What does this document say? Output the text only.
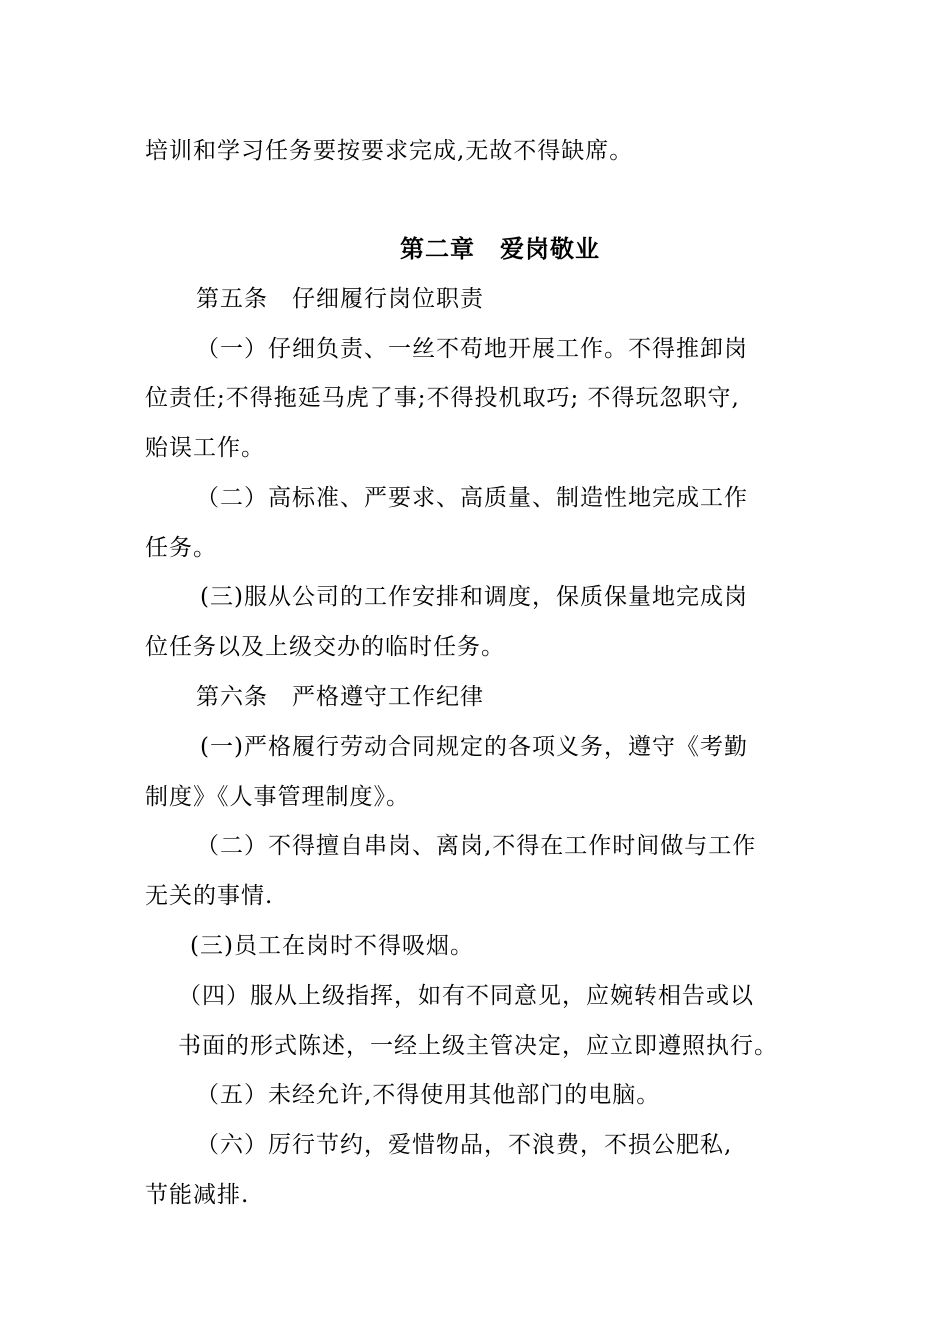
培训和学习任务要按要求完成,无故不得缺席。
第二章　爱岗敬业
第五条　仔细履行岗位职责
（一）仔细负责、一丝不苟地开展工作。不得推卸岗
位责任;不得拖延马虎了事;不得投机取巧; 不得玩忽职守,
贻误工作。
（二）高标准、严要求、高质量、制造性地完成工作
任务。
(三)服从公司的工作安排和调度，保质保量地完成岗
位任务以及上级交办的临时任务。
第六条　严格遵守工作纪律
(一)严格履行劳动合同规定的各项义务，遵守《考勤
制度》《人事管理制度》。
（二）不得擅自串岗、离岗,不得在工作时间做与工作
无关的事情.
(三)员工在岗时不得吸烟。
（四）服从上级指挥，如有不同意见，应婉转相告或以
书面的形式陈述，一经上级主管决定，应立即遵照执行。
（五）未经允许,不得使用其他部门的电脑。
（六）厉行节约，爱惜物品，不浪费，不损公肥私,
节能减排.
